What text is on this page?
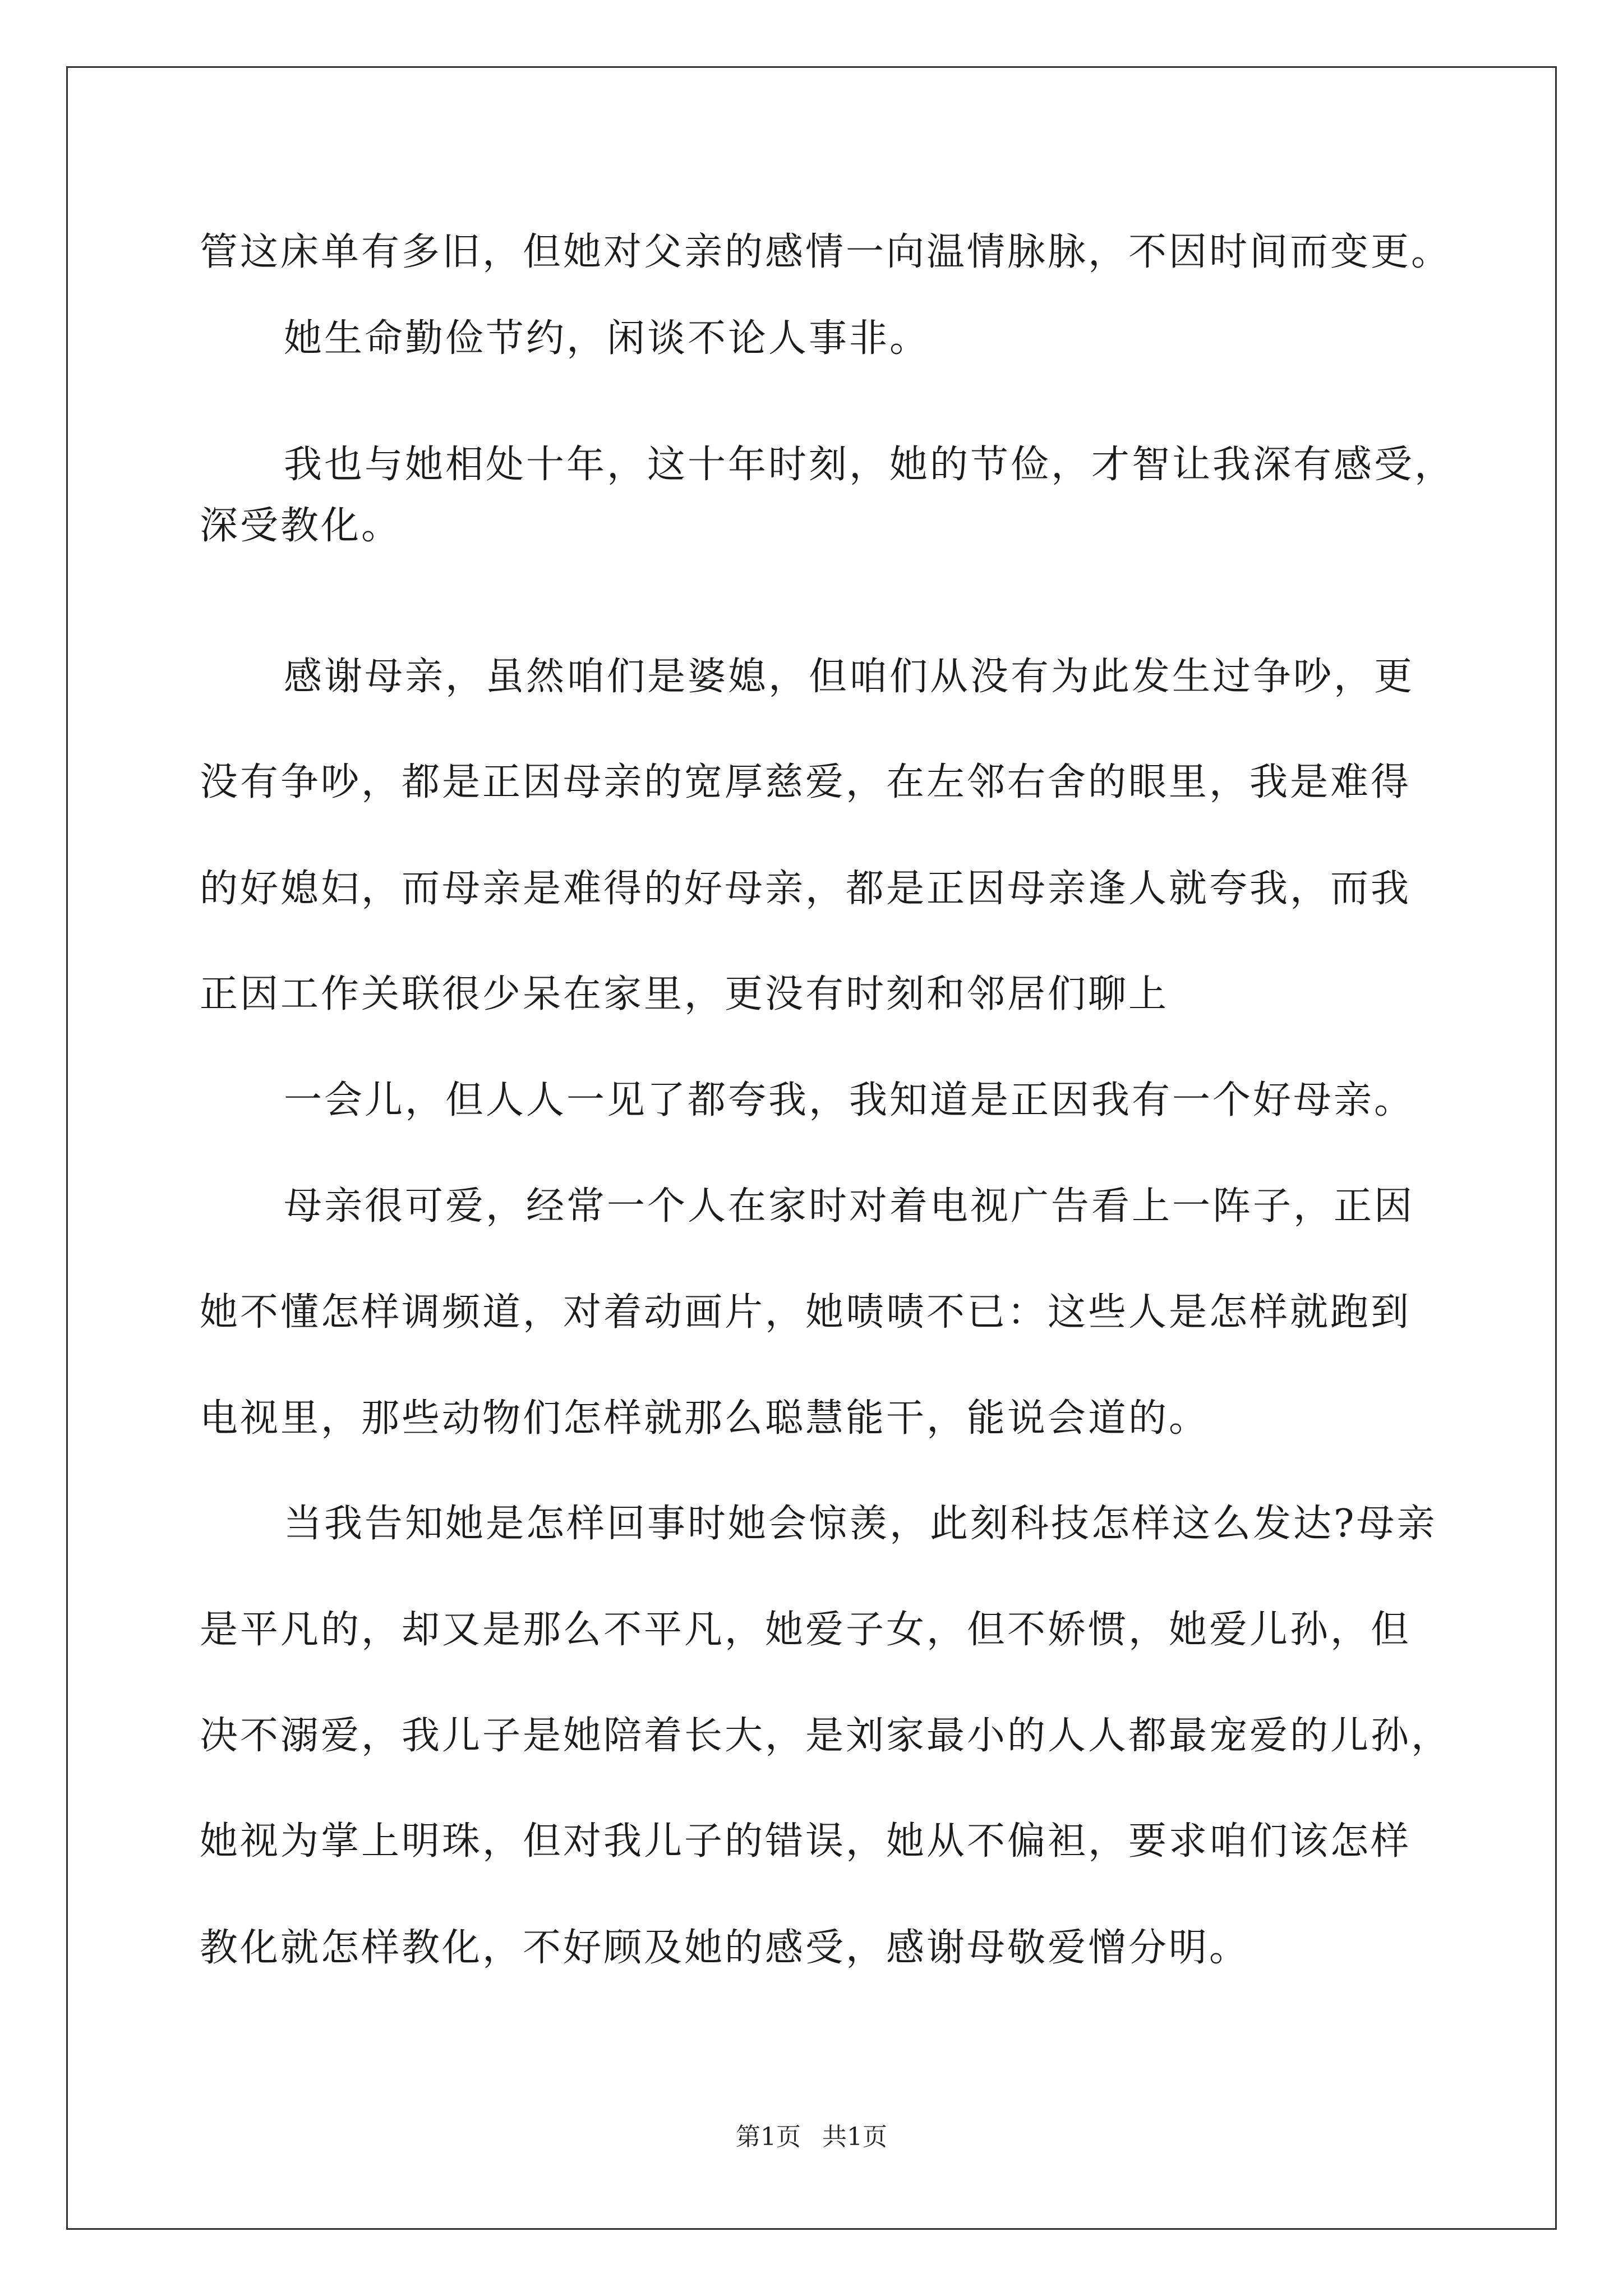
管这床单有多旧，但她对父亲的感情一向温情脉脉，不因时间而变更。
她生命勤俭节约，闲谈不论人事非。
我也与她相处十年，这十年时刻，她的节俭，才智让我深有感受，
深受教化。
感谢母亲，虽然咱们是婆媳，但咱们从没有为此发生过争吵，更
没有争吵，都是正因母亲的宽厚慈爱，在左邻右舍的眼里，我是难得
的好媳妇，而母亲是难得的好母亲，都是正因母亲逢人就夸我，而我
正因工作关联很少呆在家里，更没有时刻和邻居们聊上
一会儿，但人人一见了都夸我，我知道是正因我有一个好母亲。
母亲很可爱，经常一个人在家时对着电视广告看上一阵子，正因
她不懂怎样调频道，对着动画片，她啧啧不已：这些人是怎样就跑到
电视里，那些动物们怎样就那么聪慧能干，能说会道的。
当我告知她是怎样回事时她会惊羡，此刻科技怎样这么发达?母亲
是平凡的，却又是那么不平凡，她爱子女，但不娇惯，她爱儿孙，但
决不溺爱，我儿子是她陪着长大，是刘家最小的人人都最宠爱的儿孙，
她视为掌上明珠，但对我儿子的错误，她从不偏袒，要求咱们该怎样
教化就怎样教化，不好顾及她的感受，感谢母敬爱憎分明。
第1页 共1页
